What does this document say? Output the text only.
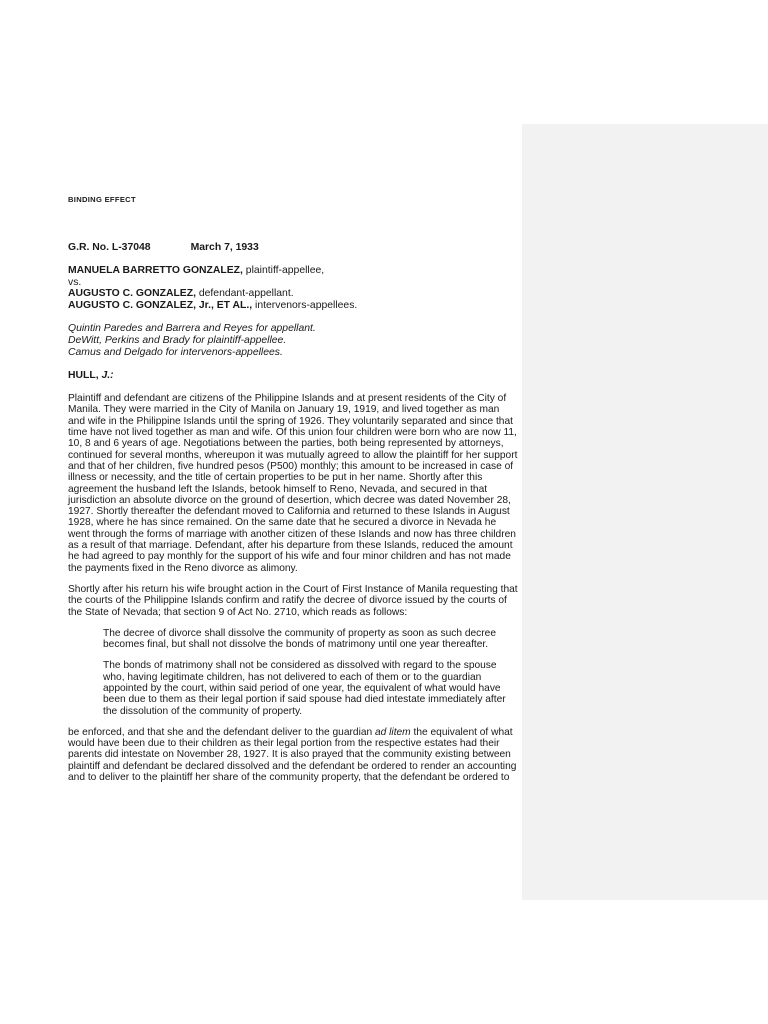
BINDING EFFECT
G.R. No. L-37048	March 7, 1933
MANUELA BARRETTO GONZALEZ, plaintiff-appellee,
vs.
AUGUSTO C. GONZALEZ, defendant-appellant.
AUGUSTO C. GONZALEZ, Jr., ET AL., intervenors-appellees.
Quintin Paredes and Barrera and Reyes for appellant.
DeWitt, Perkins and Brady for plaintiff-appellee.
Camus and Delgado for intervenors-appellees.
HULL, J.:

Plaintiff and defendant are citizens of the Philippine Islands and at present residents of the City of Manila. They were married in the City of Manila on January 19, 1919, and lived together as man and wife in the Philippine Islands until the spring of 1926. They voluntarily separated and since that time have not lived together as man and wife. Of this union four children were born who are now 11, 10, 8 and 6 years of age. Negotiations between the parties, both being represented by attorneys, continued for several months, whereupon it was mutually agreed to allow the plaintiff for her support and that of her children, five hundred pesos (P500) monthly; this amount to be increased in case of illness or necessity, and the title of certain properties to be put in her name. Shortly after this agreement the husband left the Islands, betook himself to Reno, Nevada, and secured in that jurisdiction an absolute divorce on the ground of desertion, which decree was dated November 28, 1927. Shortly thereafter the defendant moved to California and returned to these Islands in August 1928, where he has since remained. On the same date that he secured a divorce in Nevada he went through the forms of marriage with another citizen of these Islands and now has three children as a result of that marriage. Defendant, after his departure from these Islands, reduced the amount he had agreed to pay monthly for the support of his wife and four minor children and has not made the payments fixed in the Reno divorce as alimony.

Shortly after his return his wife brought action in the Court of First Instance of Manila requesting that the courts of the Philippine Islands confirm and ratify the decree of divorce issued by the courts of the State of Nevada; that section 9 of Act No. 2710, which reads as follows:

The decree of divorce shall dissolve the community of property as soon as such decree becomes final, but shall not dissolve the bonds of matrimony until one year thereafter.

The bonds of matrimony shall not be considered as dissolved with regard to the spouse who, having legitimate children, has not delivered to each of them or to the guardian appointed by the court, within said period of one year, the equivalent of what would have been due to them as their legal portion if said spouse had died intestate immediately after the dissolution of the community of property.

be enforced, and that she and the defendant deliver to the guardian ad litem the equivalent of what would have been due to their children as their legal portion from the respective estates had their parents did intestate on November 28, 1927. It is also prayed that the community existing between plaintiff and defendant be declared dissolved and the defendant be ordered to render an accounting and to deliver to the plaintiff her share of the community property, that the defendant be ordered to
